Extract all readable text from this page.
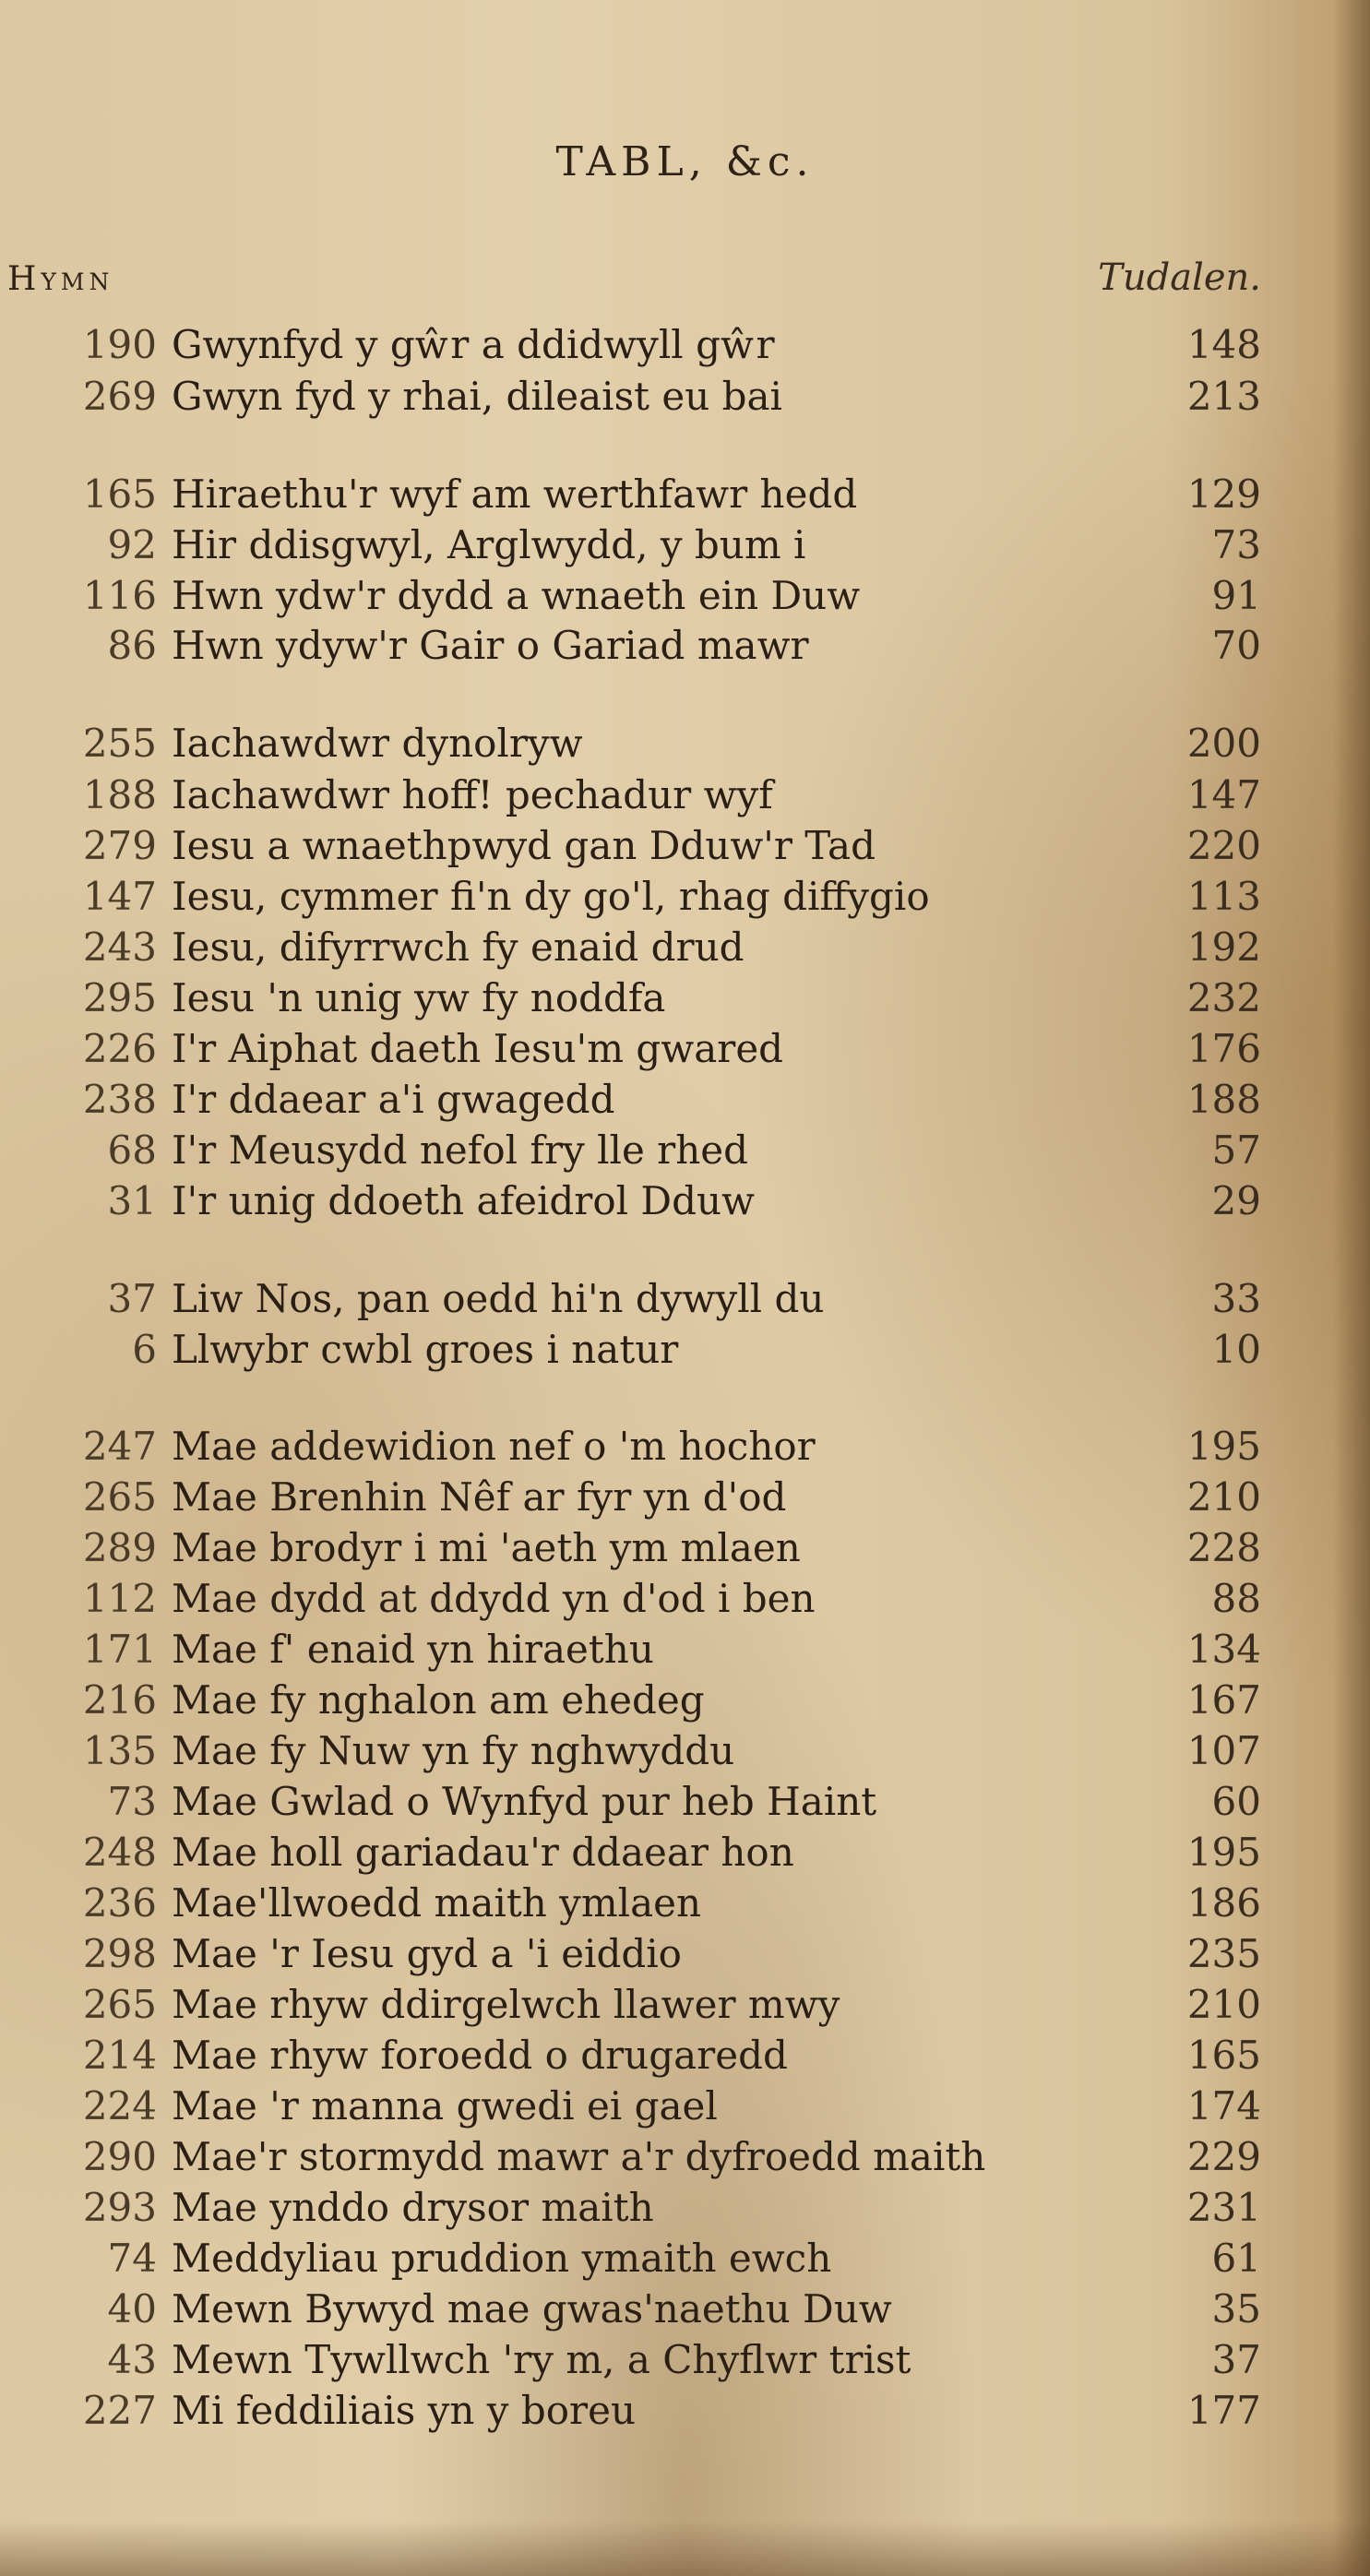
TABL, &c.
Hymn	Tudalen.
190 Gwynfyd y gŵr a ddidwyll gŵr	148
269 Gwyn fyd y rhai, dileaist eu bai	213
165 Hiraethu'r wyf am werthfawr hedd	129
92 Hir ddisgwyl, Arglwydd, y bum i	73
116 Hwn ydw'r dydd a wnaeth ein Duw	91
86 Hwn ydyw'r Gair o Gariad mawr	70
255 Iachawdwr dynolryw	200
188 Iachawdwr hoff! pechadur wyf	147
279 Iesu a wnaethpwyd gan Dduw'r Tad	220
147 Iesu, cymmer fi'n dy go'l, rhag diffygio	113
243 Iesu, difyrrwch fy enaid drud	192
295 Iesu 'n unig yw fy noddfa	232
226 I'r Aiphat daeth Iesu'm gwared	176
238 I'r ddaear a'i gwagedd	188
68 I'r Meusydd nefol fry lle rhed	57
31 I'r unig ddoeth afeidrol Dduw	29
37 Liw Nos, pan oedd hi'n dywyll du	33
6 Llwybr cwbl groes i natur	10
247 Mae addewidion nef o 'm hochor	195
265 Mae Brenhin Nêf ar fyr yn d'od	210
289 Mae brodyr i mi 'aeth ym mlaen	228
112 Mae dydd at ddydd yn d'od i ben	88
171 Mae f' enaid yn hiraethu	134
216 Mae fy nghalon am ehedeg	167
135 Mae fy Nuw yn fy nghwyddu	107
73 Mae Gwlad o Wynfyd pur heb Haint	60
248 Mae holl gariadau'r ddaear hon	195
236 Mae'llwoedd maith ymlaen	186
298 Mae 'r Iesu gyd a 'i eiddio	235
265 Mae rhyw ddirgelwch llawer mwy	210
214 Mae rhyw foroedd o drugaredd	165
224 Mae 'r manna gwedi ei gael	174
290 Mae'r stormydd mawr a'r dyfroedd maith	229
293 Mae ynddo drysor maith	231
74 Meddyliau pruddion ymaith ewch	61
40 Mewn Bywyd mae gwas'naethu Duw	35
43 Mewn Tywllwch 'ry m, a Chyflwr trist	37
227 Mi feddiliais yn y boreu	177
